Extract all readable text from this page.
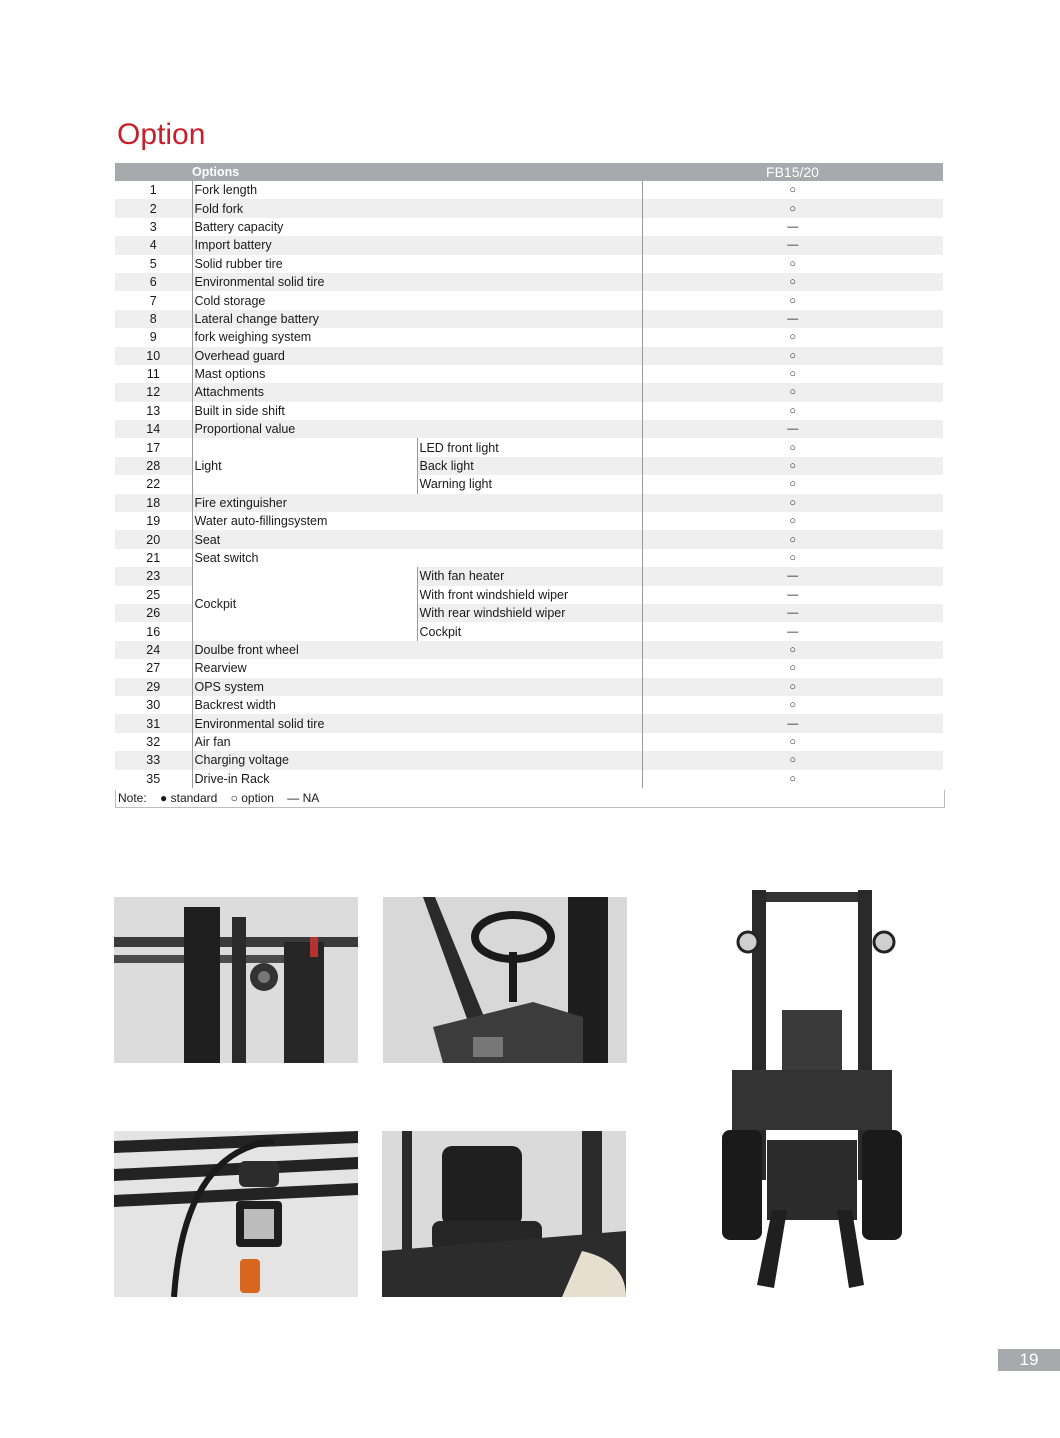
Option
	Options		FB15/20
1	Fork length		○
2	Fold fork		○
3	Battery capacity		—
4	Import battery		—
5	Solid rubber tire		○
6	Environmental solid tire		○
7	Cold storage		○
8	Lateral change battery		—
9	fork weighing system		○
10	Overhead guard		○
11	Mast options		○
12	Attachments		○
13	Built in side shift		○
14	Proportional value		—
17	Light	LED front light	○
28		Back light	○
22		Warning light	○
18	Fire extinguisher		○
19	Water auto-fillingsystem		○
20	Seat		○
21	Seat switch		○
23	Cockpit	With fan heater	—
25		With front windshield wiper	—
26		With rear windshield wiper	—
16		Cockpit	—
24	Doulbe front wheel		○
27	Rearview		○
29	OPS system		○
30	Backrest width		○
31	Environmental solid tire		—
32	Air fan		○
33	Charging voltage		○
35	Drive-in Rack		○
Note: ● standard ○ option — NA
19
